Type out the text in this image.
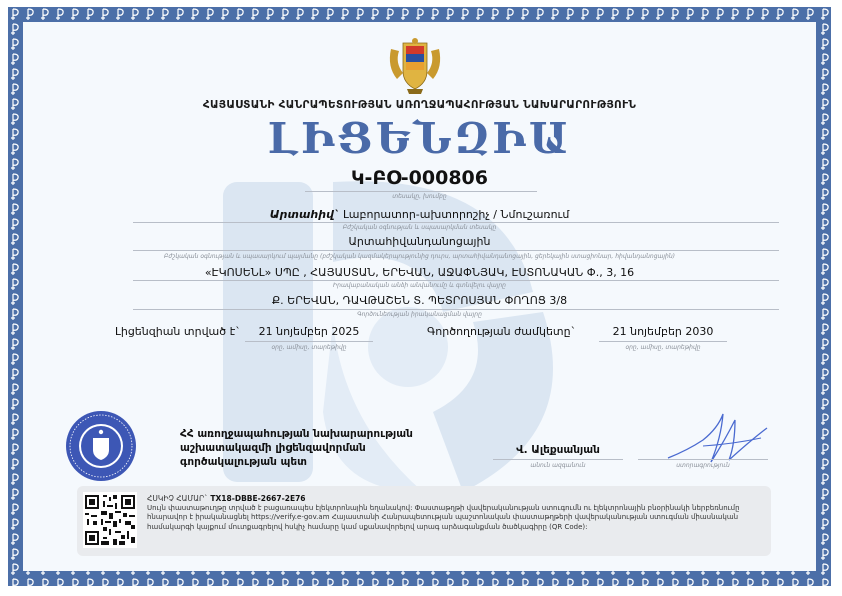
ՀԱՅԱՍՏԱՆԻ ՀԱՆՐԱՊԵՏՈՒԹՅԱՆ ԱՌՈՂՋԱՊԱՀՈՒԹՅԱՆ ՆԱԽԱՐԱՐՈՒԹՅՈՒՆ
ԼԻՑԵՆԶԻԱ
Կ-ԲՕ-000806
տեսակը, խումբը
Արտահիվ` Լաբորատոր-ախտորոշիչ / Նմուշառում
Բժշկական օգնության և սպասարկման տեսակը
Արտահիվանդանոցային
Բժշկական օգնության և սպասարկում պայմանը (բժշկական կազմակերպությունից դուրս, արտահիվանդանոցային, ցերեկային ստացիոնար, հիվանդանոցային)
«ԷԿՈՍԵՆԼ» ՍՊԸ , ՀԱՅԱՍՏԱՆ, ԵՐԵՎԱՆ, ԱՋԱՓՆՅԱԿ, ԷՍՏՈՆԱԿԱՆ Փ., 3, 16
Իրավաբանական անձի անվանումը և գտնվելու վայրը
Ք. ԵՐԵՎԱՆ, ԴԱՎԹԱՇԵՆ Տ. ՊԵՏՐՈՍՅԱՆ ՓՈՂՈՑ 3/8
Գործունեության իրականացման վայրը
Լիցենզիան տրված է`	21 նոյեմբեր 2025
օրը, ամիսը, տարեթիվը
Գործողության ժամկետը`	21 նոյեմբեր 2030
օրը, ամիսը, տարեթիվը
ՀՀ առողջապահության նախարարության
աշխատակազմի լիցենզավորման
գործակալության պետ
Վ. Ալեքսանյան
անուն ազգանուն	ստորագրություն
ՀՍԿԻՉ ՀԱՄԱՐ` TX18-DBBE-2667-2E76
Սույն փաստաթուղթը տրված է բացառապես էլեկտրոնային եղանակով: Փաստաթղթի վավերականության ստուգումն ու էլեկտրոնային բնօրինակի ներբեռնումը հնարավոր է իրականացնել https://verify.e-gov.am Հայաստանի Հանրապետության պաշտոնական փաստաթղթերի վավերականության ստուգման միասնական համակարգի կայքում մուտքագրելով հսկիչ համարը կամ սքանավորելով արագ արձագանքման ծածկագիրը (QR Code):
